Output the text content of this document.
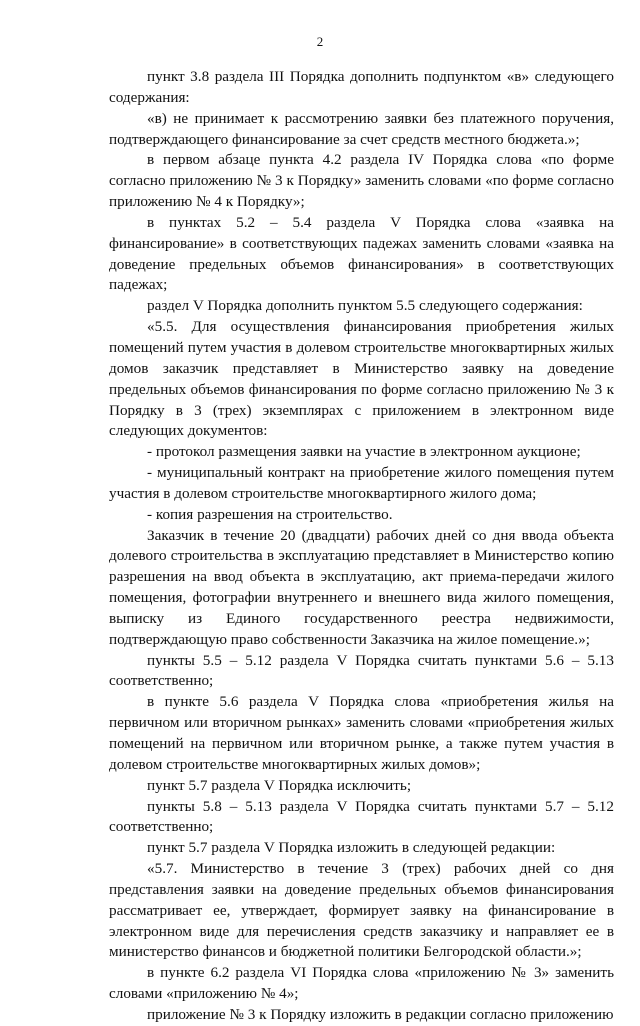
2

пункт 3.8 раздела III Порядка дополнить подпунктом «в» следующего содержания:

«в) не принимает к рассмотрению заявки без платежного поручения, подтверждающего финансирование за счет средств местного бюджета.»;

в первом абзаце пункта 4.2 раздела IV Порядка слова «по форме согласно приложению № 3 к Порядку» заменить словами «по форме согласно приложению № 4 к Порядку»;

в пунктах 5.2 – 5.4 раздела V Порядка слова «заявка на финансирование» в соответствующих падежах заменить словами «заявка на доведение предельных объемов финансирования» в соответствующих падежах;

раздел V Порядка дополнить пунктом 5.5 следующего содержания:

«5.5. Для осуществления финансирования приобретения жилых помещений путем участия в долевом строительстве многоквартирных жилых домов заказчик представляет в Министерство заявку на доведение предельных объемов финансирования по форме согласно приложению № 3 к Порядку в 3 (трех) экземплярах с приложением в электронном виде следующих документов:

- протокол размещения заявки на участие в электронном аукционе;

- муниципальный контракт на приобретение жилого помещения путем участия в долевом строительстве многоквартирного жилого дома;

- копия разрешения на строительство.

Заказчик в течение 20 (двадцати) рабочих дней со дня ввода объекта долевого строительства в эксплуатацию представляет в Министерство копию разрешения на ввод объекта в эксплуатацию, акт приема-передачи жилого помещения, фотографии внутреннего и внешнего вида жилого помещения, выписку из Единого государственного реестра недвижимости, подтверждающую право собственности Заказчика на жилое помещение.»;

пункты 5.5 – 5.12 раздела V Порядка считать пунктами 5.6 – 5.13 соответственно;

в пункте 5.6 раздела V Порядка слова «приобретения жилья на первичном или вторичном рынках» заменить словами «приобретения жилых помещений на первичном или вторичном рынке, а также путем участия в долевом строительстве многоквартирных жилых домов»;

пункт 5.7 раздела V Порядка исключить;

пункты 5.8 – 5.13 раздела V Порядка считать пунктами 5.7 – 5.12 соответственно;

пункт 5.7 раздела V Порядка изложить в следующей редакции:

«5.7. Министерство в течение 3 (трех) рабочих дней со дня представления заявки на доведение предельных объемов финансирования рассматривает ее, утверждает, формирует заявку на финансирование в электронном виде для перечисления средств заказчику и направляет ее в министерство финансов и бюджетной политики Белгородской области.»;

в пункте 6.2 раздела VI Порядка слова «приложению № 3» заменить словами «приложению № 4»;

приложение № 3 к Порядку изложить в редакции согласно приложению
